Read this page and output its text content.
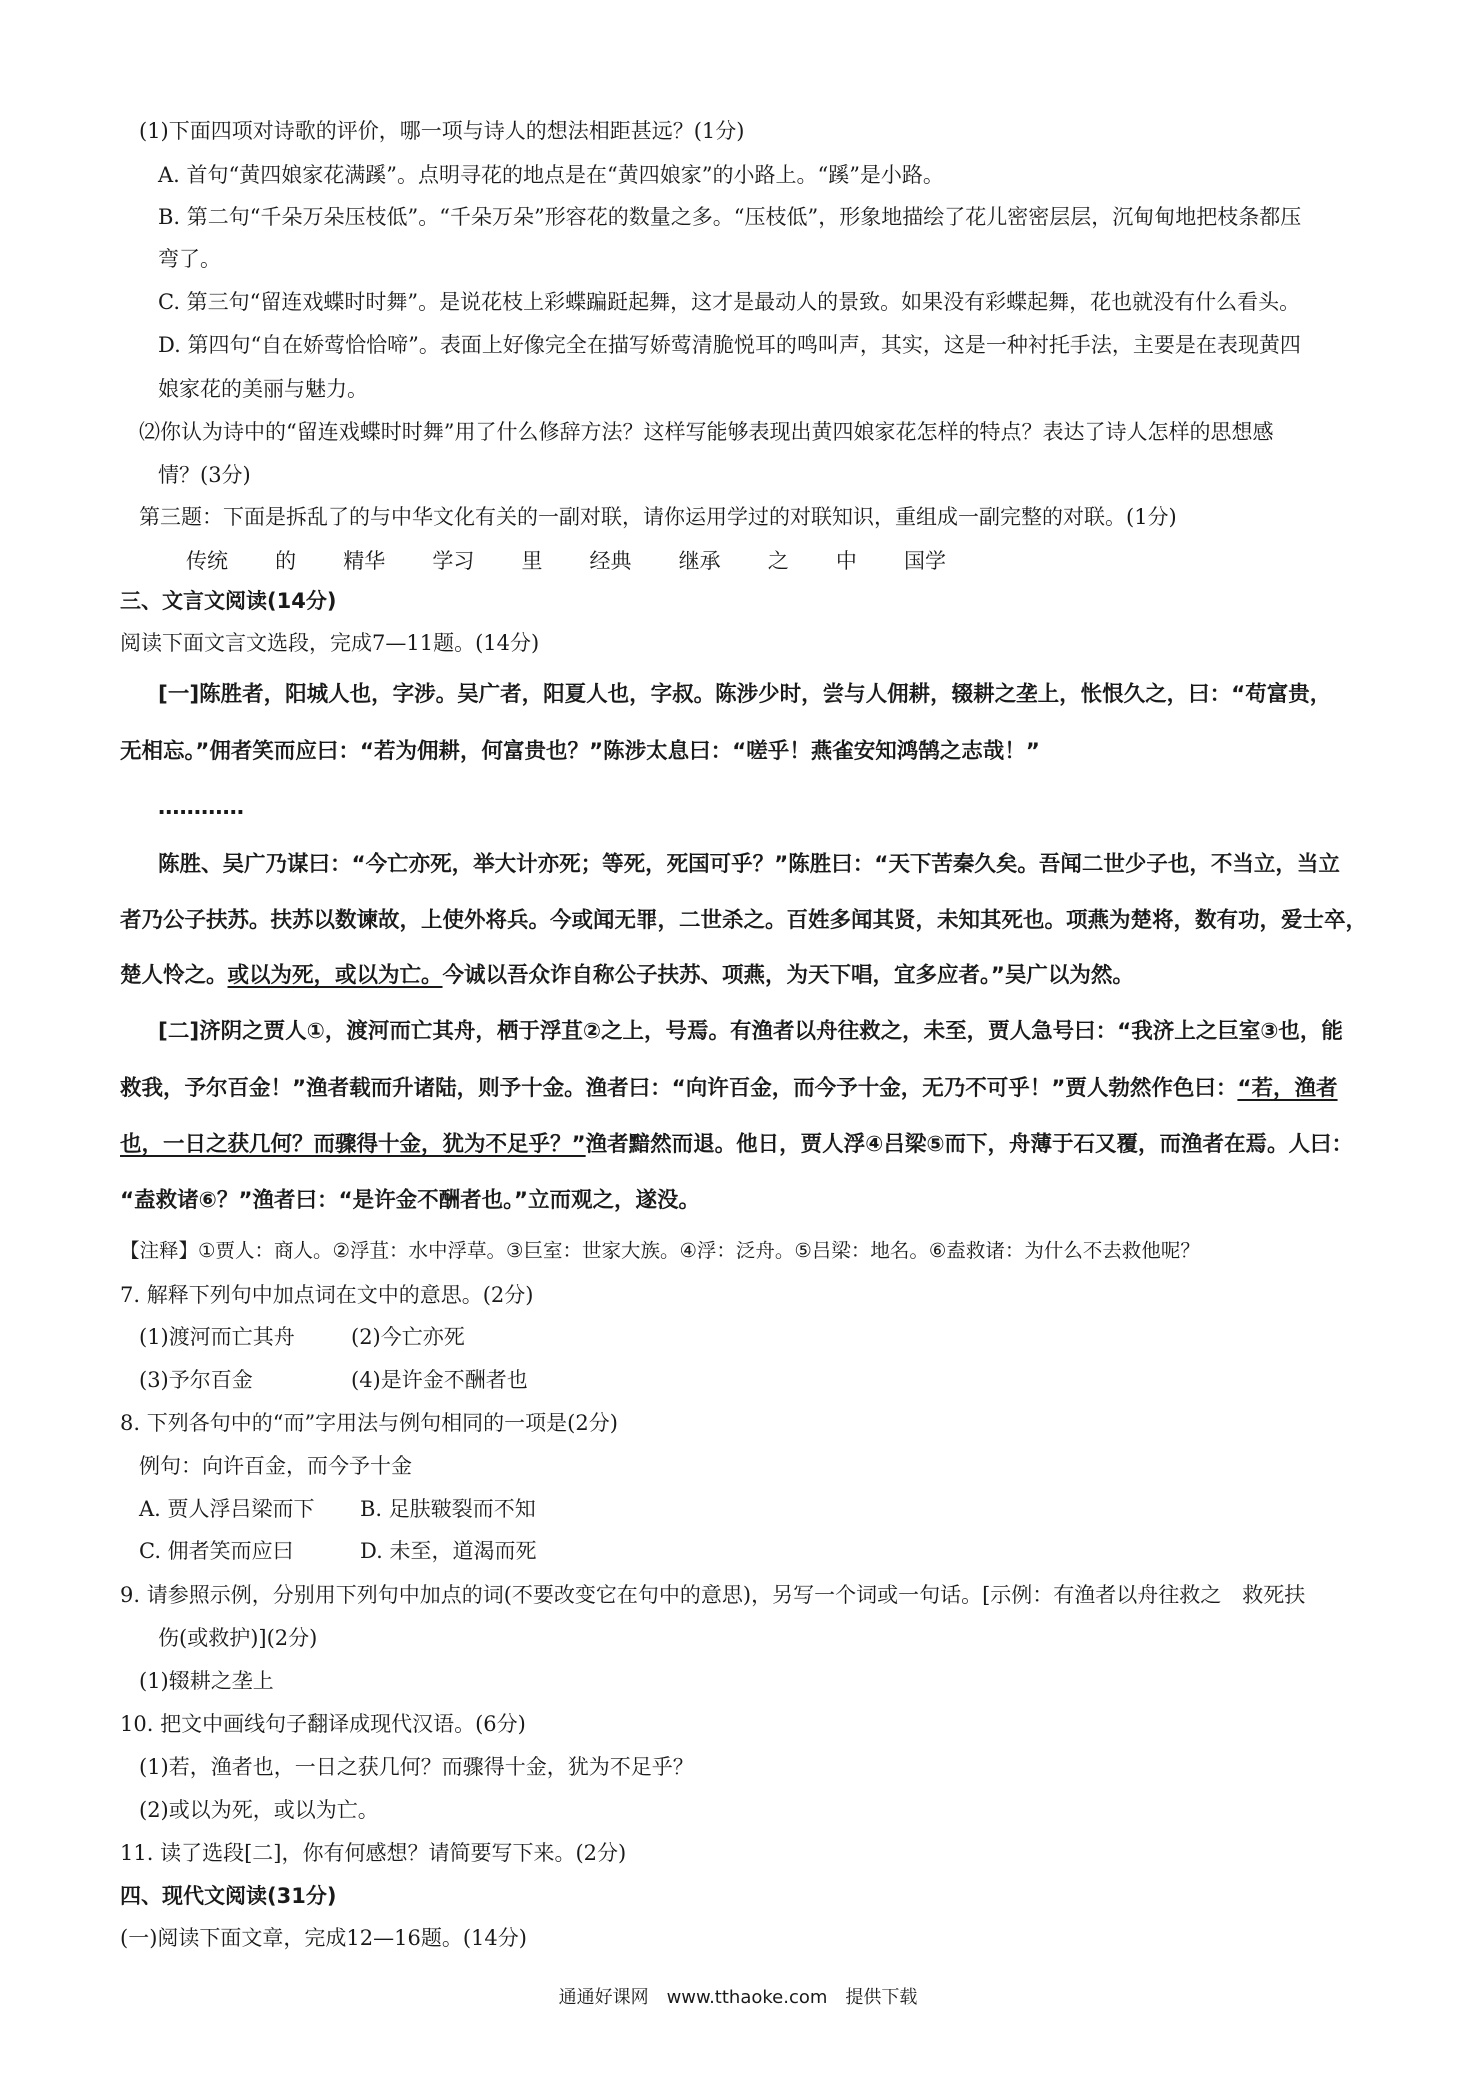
(1)下面四项对诗歌的评价，哪一项与诗人的想法相距甚远？(1分)
A. 首句“黄四娘家花满蹊”。点明寻花的地点是在“黄四娘家”的小路上。“蹊”是小路。
B. 第二句“千朵万朵压枝低”。“千朵万朵”形容花的数量之多。“压枝低”，形象地描绘了花儿密密层层，沉甸甸地把枝条都压
弯了。
C. 第三句“留连戏蝶时时舞”。是说花枝上彩蝶蹁跹起舞，这才是最动人的景致。如果没有彩蝶起舞，花也就没有什么看头。
D. 第四句“自在娇莺恰恰啼”。表面上好像完全在描写娇莺清脆悦耳的鸣叫声，其实，这是一种衬托手法，主要是在表现黄四
娘家花的美丽与魅力。
⑵你认为诗中的“留连戏蝶时时舞”用了什么修辞方法？这样写能够表现出黄四娘家花怎样的特点？表达了诗人怎样的思想感
情？(3分)
第三题：下面是拆乱了的与中华文化有关的一副对联，请你运用学过的对联知识，重组成一副完整的对联。(1分)
传统 的 精华 学习 里 经典 继承 之 中 国学
三、文言文阅读(14分)
阅读下面文言文选段，完成7—11题。(14分)
[一]陈胜者，阳城人也，字涉。吴广者，阳夏人也，字叔。陈涉少时，尝与人佣耕，辍耕之垄上，怅恨久之，曰：“苟富贵，
无相忘。”佣者笑而应曰：“若为佣耕，何富贵也？”陈涉太息曰：“嗟乎！燕雀安知鸿鹄之志哉！”
…………
陈胜、吴广乃谋曰：“今亡亦死，举大计亦死；等死，死国可乎？”陈胜曰：“天下苦秦久矣。吾闻二世少子也，不当立，当立
者乃公子扶苏。扶苏以数谏故，上使外将兵。今或闻无罪，二世杀之。百姓多闻其贤，未知其死也。项燕为楚将，数有功，爱士卒，
楚人怜之。或以为死，或以为亡。今诚以吾众诈自称公子扶苏、项燕，为天下唱，宜多应者。”吴广以为然。
[二]济阴之贾人①，渡河而亡其舟，栖于浮苴②之上，号焉。有渔者以舟往救之，未至，贾人急号曰：“我济上之巨室③也，能
救我，予尔百金！”渔者载而升诸陆，则予十金。渔者曰：“向许百金，而今予十金，无乃不可乎！”贾人勃然作色曰：“若，渔者
也，一日之获几何？而骤得十金，犹为不足乎？”渔者黯然而退。他日，贾人浮④吕梁⑤而下，舟薄于石又覆，而渔者在焉。人曰：
“盍救诸⑥？”渔者曰：“是许金不酬者也。”立而观之，遂没。
【注释】①贾人：商人。②浮苴：水中浮草。③巨室：世家大族。④浮：泛舟。⑤吕梁：地名。⑥盍救诸：为什么不去救他呢？
7. 解释下列句中加点词在文中的意思。(2分)
(1)渡河而亡其舟	(2)今亡亦死
(3)予尔百金	(4)是许金不酬者也
8. 下列各句中的“而”字用法与例句相同的一项是(2分)
例句：向许百金，而今予十金
A. 贾人浮吕梁而下 B. 足肤皲裂而不知
C. 佣者笑而应曰	D. 未至，道渴而死
9. 请参照示例，分别用下列句中加点的词(不要改变它在句中的意思)，另写一个词或一句话。[示例：有渔者以舟往救之　救死扶
伤(或救护)](2分)
(1)辍耕之垄上
10. 把文中画线句子翻译成现代汉语。(6分)
(1)若，渔者也，一日之获几何？而骤得十金，犹为不足乎？
(2)或以为死，或以为亡。
11. 读了选段[二]，你有何感想？请简要写下来。(2分)
四、现代文阅读(31分)
(一)阅读下面文章，完成12—16题。(14分)
通通好课网　www.tthaoke.com　提供下载
